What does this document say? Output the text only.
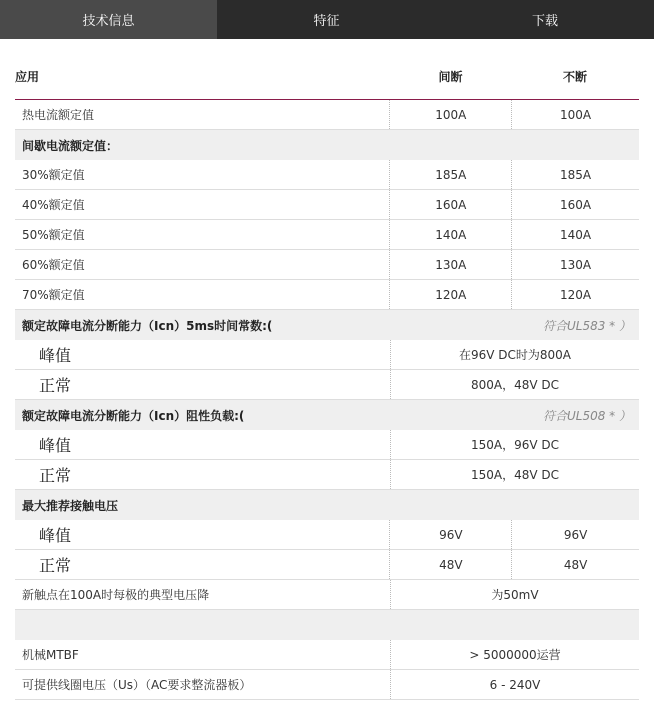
技术信息	特征	下载
应用	间断	不断
热电流额定值	100A	100A
间歇电流额定值：
30%额定值	185A	185A
40%额定值	160A	160A
50%额定值	140A	140A
60%额定值	130A	130A
70%额定值	120A	120A
额定故障电流分断能力（Icn）5ms时间常数:(	符合UL583 * ）
峰值	在96V DC时为800A
正常	800A，48V DC
额定故障电流分断能力（Icn）阻性负载:(	符合UL508 * ）
峰值	150A，96V DC
正常	150A，48V DC
最大推荐接触电压
峰值	96V	96V
正常	48V	48V
新触点在100A时每极的典型电压降	为50mV
机械MTBF	> 5000000运营
可提供线圈电压（Us）（AC要求整流器板）	6 - 240V
